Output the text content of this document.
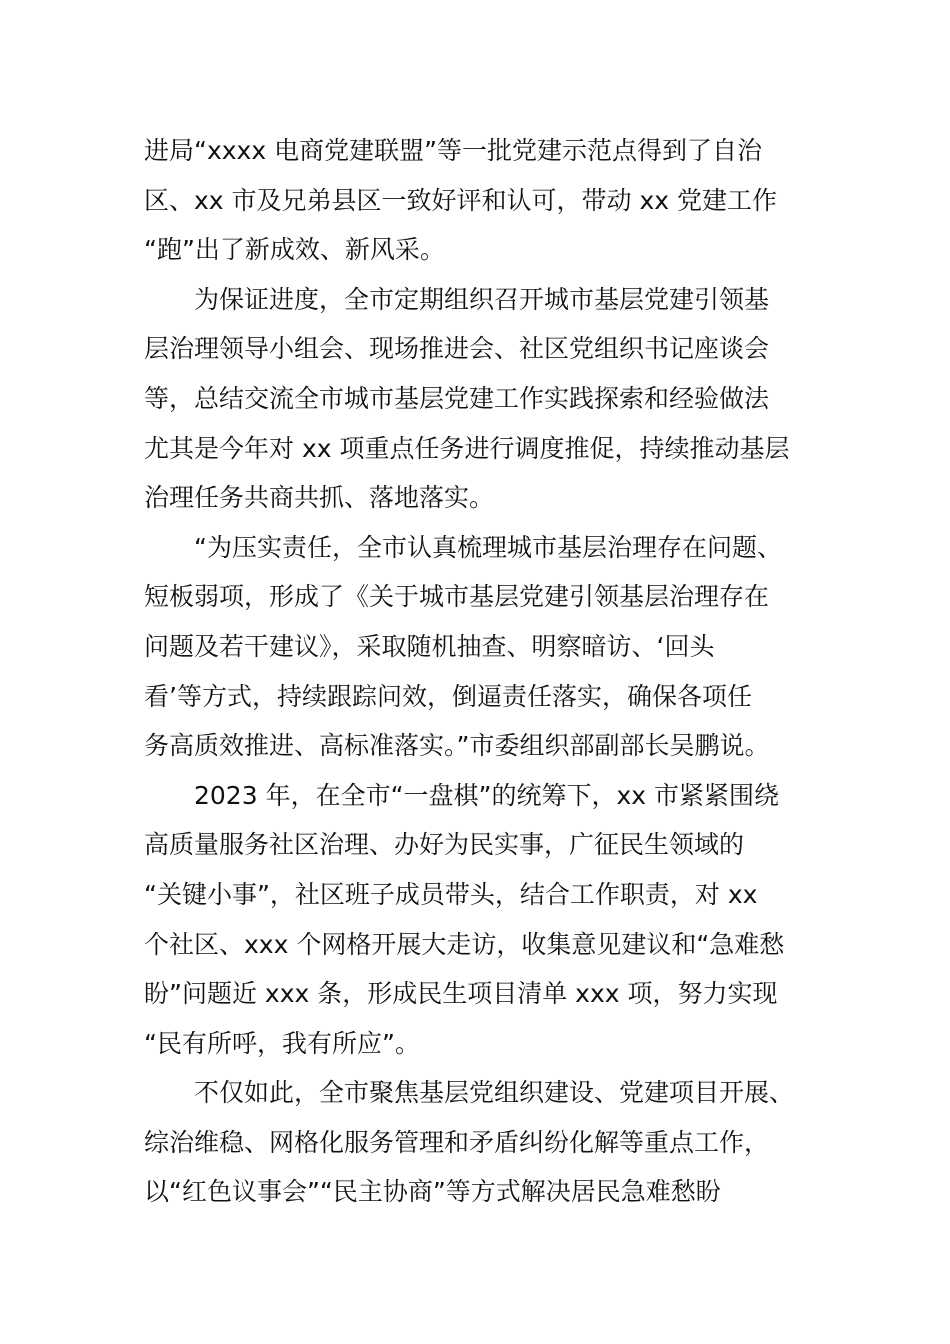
进局“xxxx 电商党建联盟”等一批党建示范点得到了自治
区、xx 市及兄弟县区一致好评和认可，带动 xx 党建工作
“跑”出了新成效、新风采。
为保证进度，全市定期组织召开城市基层党建引领基
层治理领导小组会、现场推进会、社区党组织书记座谈会
等，总结交流全市城市基层党建工作实践探索和经验做法
尤其是今年对 xx 项重点任务进行调度推促，持续推动基层
治理任务共商共抓、落地落实。
“为压实责任，全市认真梳理城市基层治理存在问题、
短板弱项，形成了《关于城市基层党建引领基层治理存在
问题及若干建议》，采取随机抽查、明察暗访、‘回头
看’等方式，持续跟踪问效，倒逼责任落实，确保各项任
务高质效推进、高标准落实。”市委组织部副部长吴鹏说。
2023 年，在全市“一盘棋”的统筹下，xx 市紧紧围绕
高质量服务社区治理、办好为民实事，广征民生领域的
“关键小事”，社区班子成员带头，结合工作职责，对 xx
个社区、xxx 个网格开展大走访，收集意见建议和“急难愁
盼”问题近 xxx 条，形成民生项目清单 xxx 项，努力实现
“民有所呼，我有所应”。
不仅如此，全市聚焦基层党组织建设、党建项目开展、
综治维稳、网格化服务管理和矛盾纠纷化解等重点工作，
以“红色议事会”“民主协商”等方式解决居民急难愁盼
